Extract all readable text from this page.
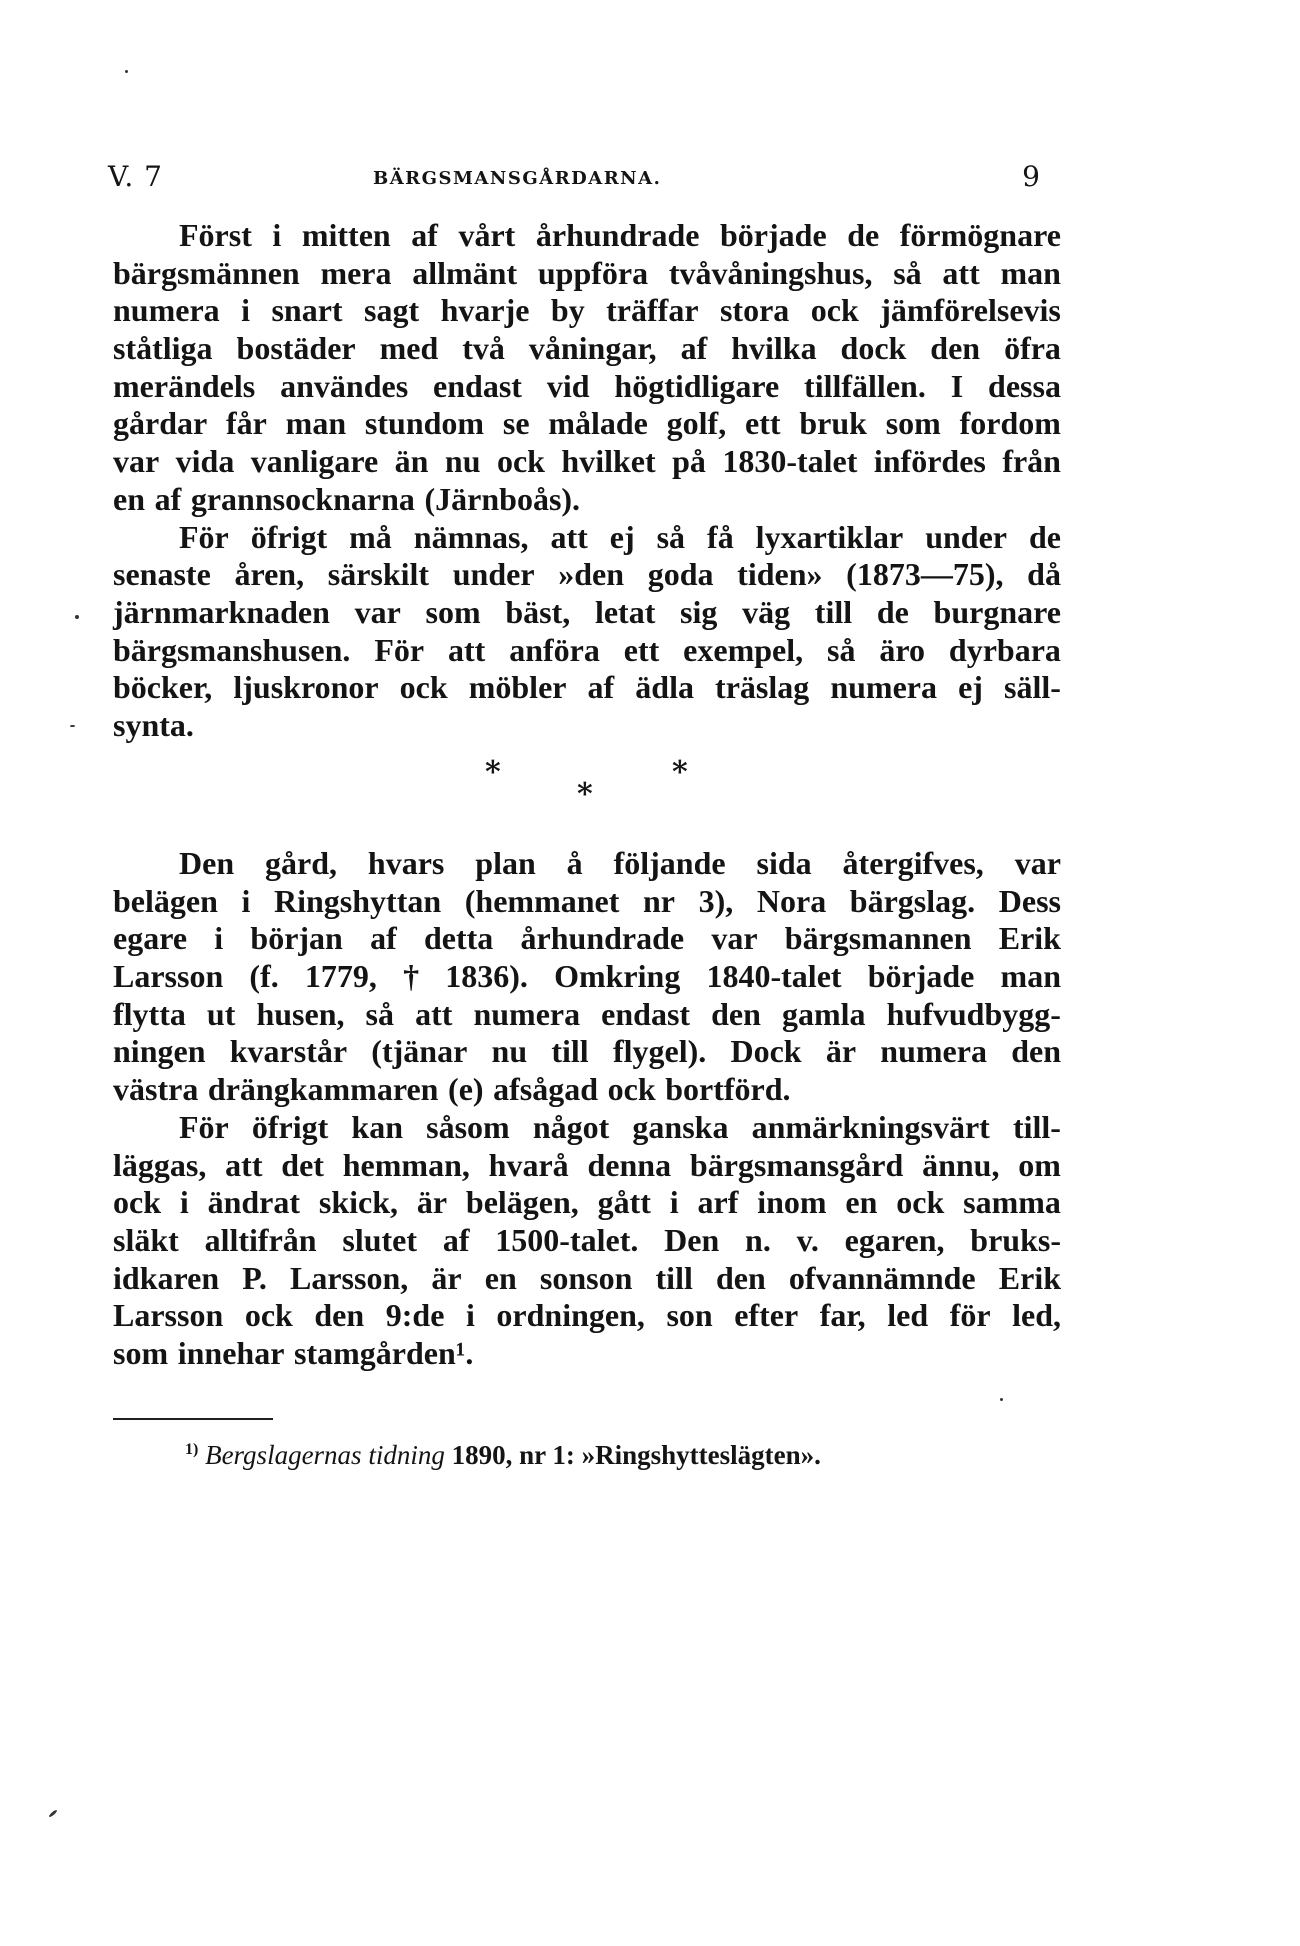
V. 7	BÄRGSMANSGÅRDARNA.	9
Först i mitten af vårt århundrade började de förmögnare
bärgsmännen mera allmänt uppföra tvåvåningshus, så att man
numera i snart sagt hvarje by träffar stora ock jämförelsevis
ståtliga bostäder med två våningar, af hvilka dock den öfra
merändels användes endast vid högtidligare tillfällen. I dessa
gårdar får man stundom se målade golf, ett bruk som fordom
var vida vanligare än nu ock hvilket på 1830-talet infördes från
en af grannsocknarna (Järnboås).
För öfrigt må nämnas, att ej så få lyxartiklar under de
senaste åren, särskilt under »den goda tiden» (1873—75), då
järnmarknaden var som bäst, letat sig väg till de burgnare
bärgsmanshusen. För att anföra ett exempel, så äro dyrbara
böcker, ljuskronor ock möbler af ädla träslag numera ej säll-
synta.
*
*
*
Den gård, hvars plan å följande sida återgifves, var
belägen i Ringshyttan (hemmanet nr 3), Nora bärgslag. Dess
egare i början af detta århundrade var bärgsmannen Erik
Larsson (f. 1779, † 1836). Omkring 1840-talet började man
flytta ut husen, så att numera endast den gamla hufvudbygg-
ningen kvarstår (tjänar nu till flygel). Dock är numera den
västra drängkammaren (e) afsågad ock bortförd.
För öfrigt kan såsom något ganska anmärkningsvärt till-
läggas, att det hemman, hvarå denna bärgsmansgård ännu, om
ock i ändrat skick, är belägen, gått i arf inom en ock samma
släkt alltifrån slutet af 1500-talet. Den n. v. egaren, bruks-
idkaren P. Larsson, är en sonson till den ofvannämnde Erik
Larsson ock den 9:de i ordningen, son efter far, led för led,
som innehar stamgården¹.
$^{1)}$ Bergslagernas tidning 1890, nr 1: »Ringshytteslägten».
